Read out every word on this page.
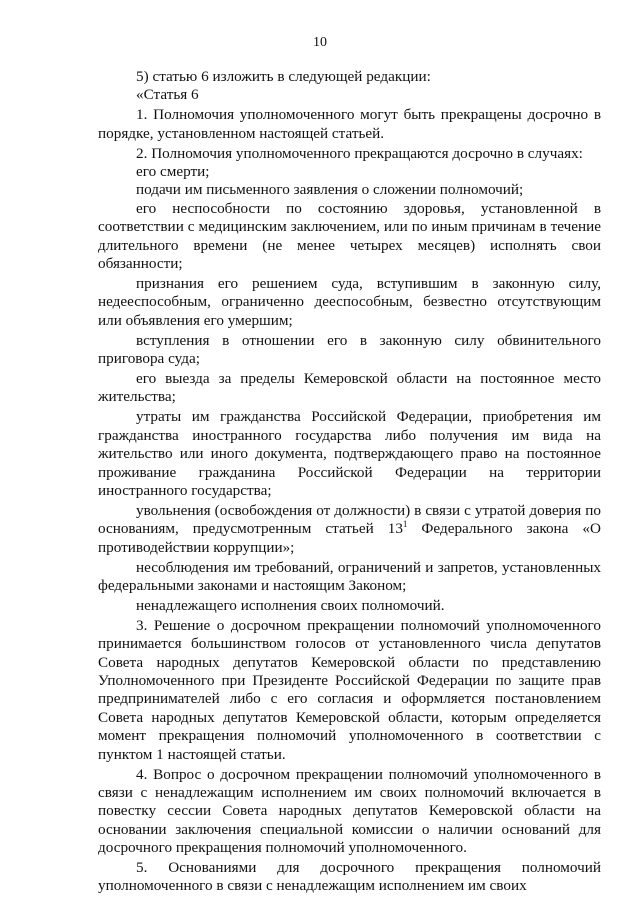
10

5) статью 6 изложить в следующей редакции:

«Статья 6

1. Полномочия уполномоченного могут быть прекращены досрочно в порядке, установленном настоящей статьей.

2. Полномочия уполномоченного прекращаются досрочно в случаях:

его смерти;

подачи им письменного заявления о сложении полномочий;

его неспособности по состоянию здоровья, установленной в соответствии с медицинским заключением, или по иным причинам в течение длительного времени (не менее четырех месяцев) исполнять свои обязанности;

признания его решением суда, вступившим в законную силу, недееспособным, ограниченно дееспособным, безвестно отсутствующим или объявления его умершим;

вступления в отношении его в законную силу обвинительного приговора суда;

его выезда за пределы Кемеровской области на постоянное место жительства;

утраты им гражданства Российской Федерации, приобретения им гражданства иностранного государства либо получения им вида на жительство или иного документа, подтверждающего право на постоянное проживание гражданина Российской Федерации на территории иностранного государства;

увольнения (освобождения от должности) в связи с утратой доверия по основаниям, предусмотренным статьей $13^1$ Федерального закона «О противодействии коррупции»;

несоблюдения им требований, ограничений и запретов, установленных федеральными законами и настоящим Законом;

ненадлежащего исполнения своих полномочий.

3. Решение о досрочном прекращении полномочий уполномоченного принимается большинством голосов от установленного числа депутатов Совета народных депутатов Кемеровской области по представлению Уполномоченного при Президенте Российской Федерации по защите прав предпринимателей либо с его согласия и оформляется постановлением Совета народных депутатов Кемеровской области, которым определяется момент прекращения полномочий уполномоченного в соответствии с пунктом 1 настоящей статьи.

4. Вопрос о досрочном прекращении полномочий уполномоченного в связи с ненадлежащим исполнением им своих полномочий включается в повестку сессии Совета народных депутатов Кемеровской области на основании заключения специальной комиссии о наличии оснований для досрочного прекращения полномочий уполномоченного.

5. Основаниями для досрочного прекращения полномочий уполномоченного в связи с ненадлежащим исполнением им своих
